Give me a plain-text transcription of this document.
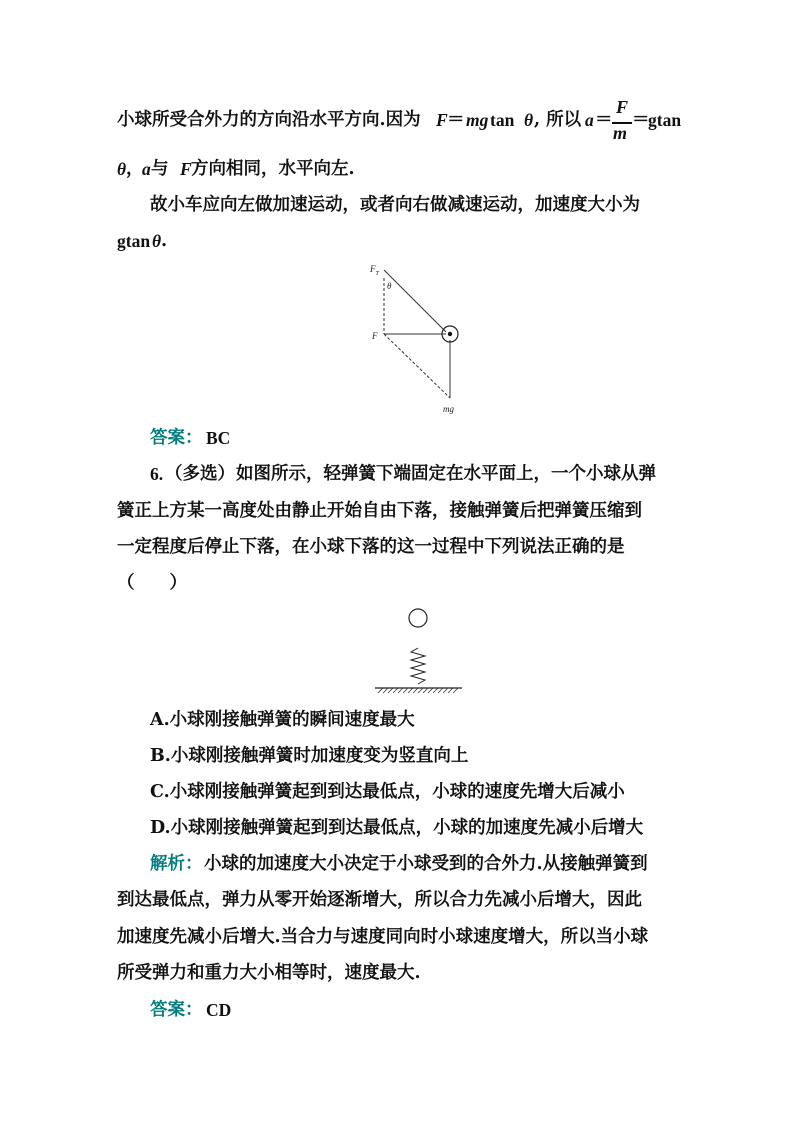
小球所受合外力的方向沿水平方向.因为 F ＝ mg tan θ , 所以 a ＝ ＝
gtan
F
m
θ ，
a 与 F 方向相同，水平向左.
故小车应向左做加速运动，或者向右做减速运动，加速度大小为
gtan θ .
$F_T$
θ
F
mg
答案： BC
6. （多选） 如图所示，轻弹簧下端固定在水平面上，一个小球从弹
簧正上方某一高度处由静止开始自由下落，接触弹簧后把弹簧压缩到
一定程度后停止下落，在小球下落的这一过程中下列说法正确的是
（　　）
A.小球刚接触弹簧的瞬间速度最大
B.小球刚接触弹簧时加速度变为竖直向上
C.小球刚接触弹簧起到到达最低点，小球的速度先增大后减小
D.小球刚接触弹簧起到到达最低点，小球的加速度先减小后增大
解析： 小球的加速度大小决定于小球受到的合外力.从接触弹簧到
到达最低点，弹力从零开始逐渐增大，所以合力先减小后增大，因此
加速度先减小后增大.当合力与速度同向时小球速度增大，所以当小球
所受弹力和重力大小相等时，速度最大.
答案： CD
